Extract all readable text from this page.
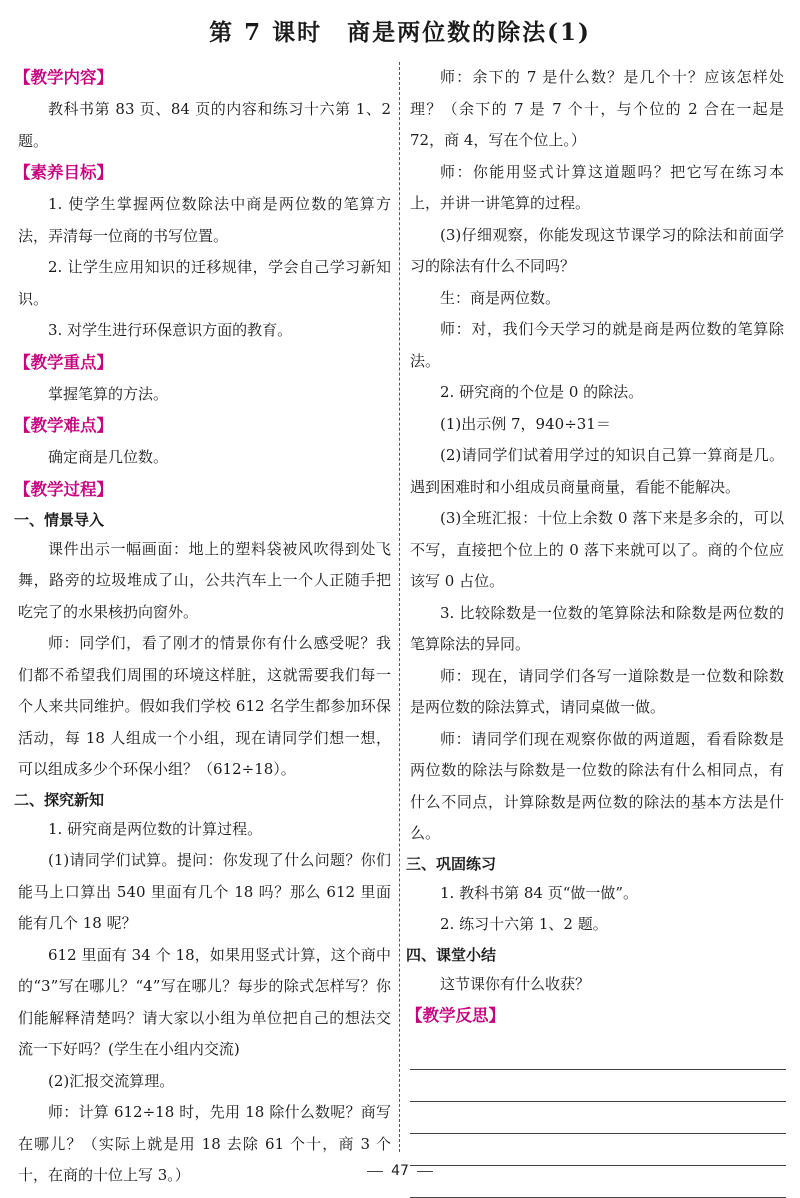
第 7 课时　商是两位数的除法(1)
【教学内容】

教科书第 83 页、84 页的内容和练习十六第 1、2 题。

【素养目标】

1. 使学生掌握两位数除法中商是两位数的笔算方法，弄清每一位商的书写位置。

2. 让学生应用知识的迁移规律，学会自己学习新知识。

3. 对学生进行环保意识方面的教育。

【教学重点】

掌握笔算的方法。

【教学难点】

确定商是几位数。

【教学过程】
一、情景导入

课件出示一幅画面：地上的塑料袋被风吹得到处飞舞，路旁的垃圾堆成了山，公共汽车上一个人正随手把吃完了的水果核扔向窗外。

师：同学们，看了刚才的情景你有什么感受呢？我们都不希望我们周围的环境这样脏，这就需要我们每一个人来共同维护。假如我们学校 612 名学生都参加环保活动，每 18 人组成一个小组，现在请同学们想一想，可以组成多少个环保小组？（612÷18）。

二、探究新知

1. 研究商是两位数的计算过程。

(1)请同学们试算。提问：你发现了什么问题？你们能马上口算出 540 里面有几个 18 吗？那么 612 里面能有几个 18 呢？

612 里面有 34 个 18，如果用竖式计算，这个商中的“3”写在哪儿？“4”写在哪儿？每步的除式怎样写？你们能解释清楚吗？请大家以小组为单位把自己的想法交流一下好吗？(学生在小组内交流)

(2)汇报交流算理。

师：计算 612÷18 时，先用 18 除什么数呢？商写在哪儿？（实际上就是用 18 去除 61 个十，商 3 个十，在商的十位上写 3。）

师：余下的 7 是什么数？是几个十？应该怎样处理？（余下的 7 是 7 个十，与个位的 2 合在一起是 72，商 4，写在个位上。）

师：你能用竖式计算这道题吗？把它写在练习本上，并讲一讲笔算的过程。

(3)仔细观察，你能发现这节课学习的除法和前面学习的除法有什么不同吗？

生：商是两位数。

师：对，我们今天学习的就是商是两位数的笔算除法。

2. 研究商的个位是 0 的除法。

(1)出示例 7，940÷31＝

(2)请同学们试着用学过的知识自己算一算商是几。遇到困难时和小组成员商量商量，看能不能解决。

(3)全班汇报：十位上余数 0 落下来是多余的，可以不写，直接把个位上的 0 落下来就可以了。商的个位应该写 0 占位。

3. 比较除数是一位数的笔算除法和除数是两位数的笔算除法的异同。

师：现在，请同学们各写一道除数是一位数和除数是两位数的除法算式，请同桌做一做。

师：请同学们现在观察你做的两道题，看看除数是两位数的除法与除数是一位数的除法有什么相同点，有什么不同点，计算除数是两位数的除法的基本方法是什么。

三、巩固练习

1. 教科书第 84 页“做一做”。

2. 练习十六第 1、2 题。

四、课堂小结

这节课你有什么收获？

【教学反思】
47
